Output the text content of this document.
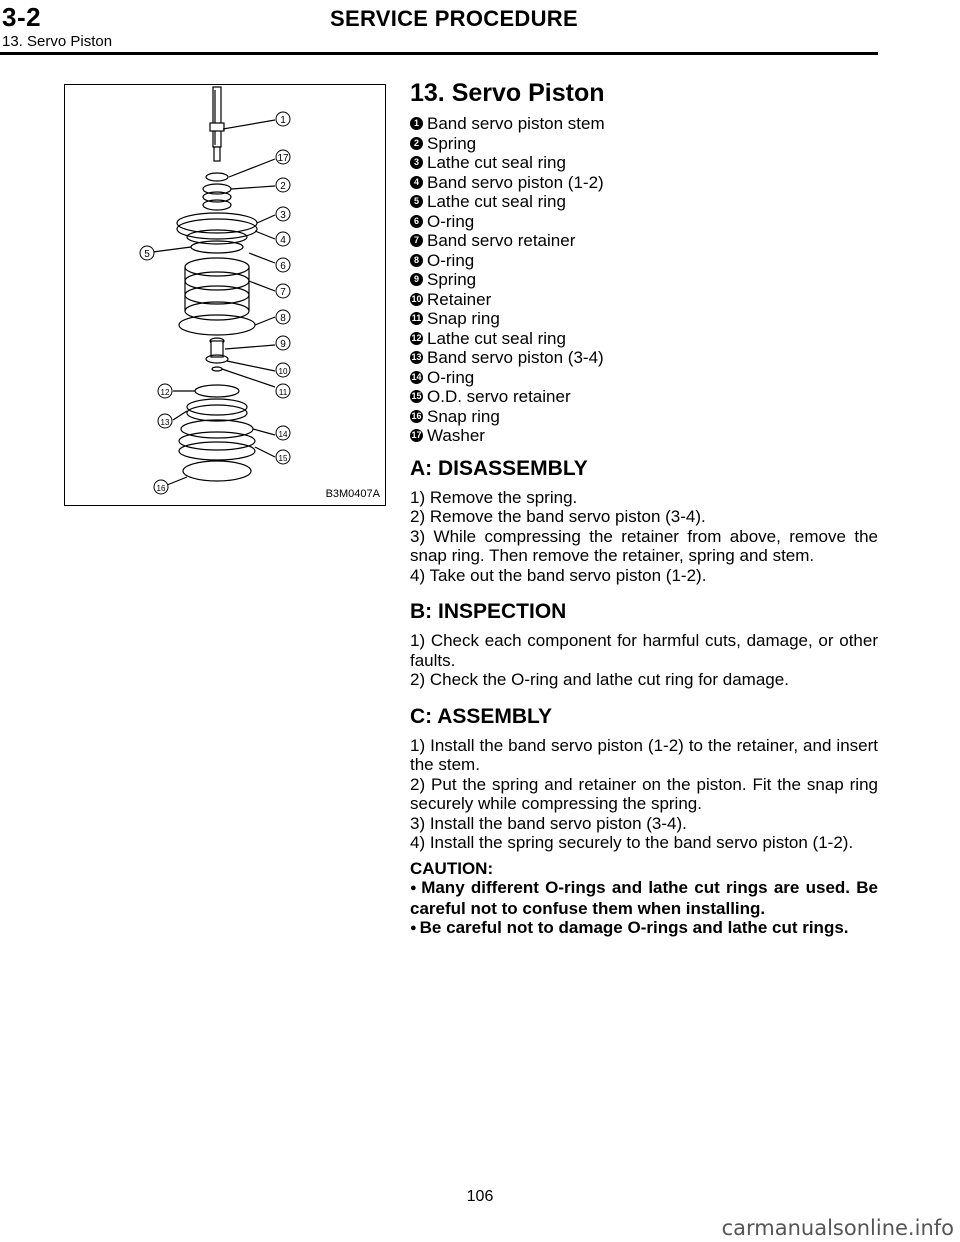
3-2	SERVICE PROCEDURE
13. Servo Piston
1
17
2
3
4
5
6
7
8
9
10
11
12
13
14
15
16	B3M0407A
13. Servo Piston
1 Band servo piston stem
2 Spring
3 Lathe cut seal ring
4 Band servo piston (1-2)
5 Lathe cut seal ring
6 O-ring
7 Band servo retainer
8 O-ring
9 Spring
10 Retainer
11 Snap ring
12 Lathe cut seal ring
13 Band servo piston (3-4)
14 O-ring
15 O.D. servo retainer
16 Snap ring
17 Washer
A: DISASSEMBLY

1) Remove the spring.

2) Remove the band servo piston (3-4).

3) While compressing the retainer from above, remove the snap ring. Then remove the retainer, spring and stem.

4) Take out the band servo piston (1-2).

B: INSPECTION

1) Check each component for harmful cuts, damage, or other faults.

2) Check the O-ring and lathe cut ring for damage.

C: ASSEMBLY

1) Install the band servo piston (1-2) to the retainer, and insert the stem.

2) Put the spring and retainer on the piston. Fit the snap ring securely while compressing the spring.

3) Install the band servo piston (3-4).

4) Install the spring securely to the band servo piston (1-2).

CAUTION:

● Many different O-rings and lathe cut rings are used. Be careful not to confuse them when installing.

● Be careful not to damage O-rings and lathe cut rings.

106
carmanualsonline.info
